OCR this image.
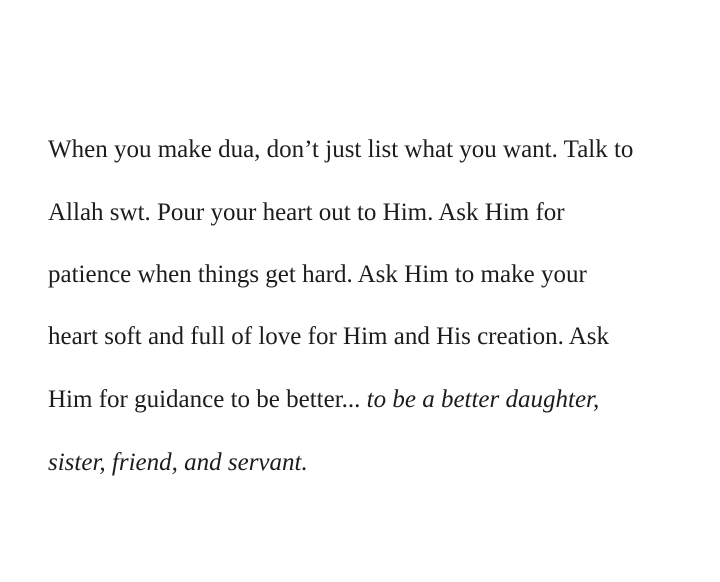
When you make dua, don’t just list what you want. Talk to

Allah swt. Pour your heart out to Him. Ask Him for

patience when things get hard. Ask Him to make your

heart soft and full of love for Him and His creation. Ask

Him for guidance to be better... to be a better daughter,

sister, friend, and servant.
